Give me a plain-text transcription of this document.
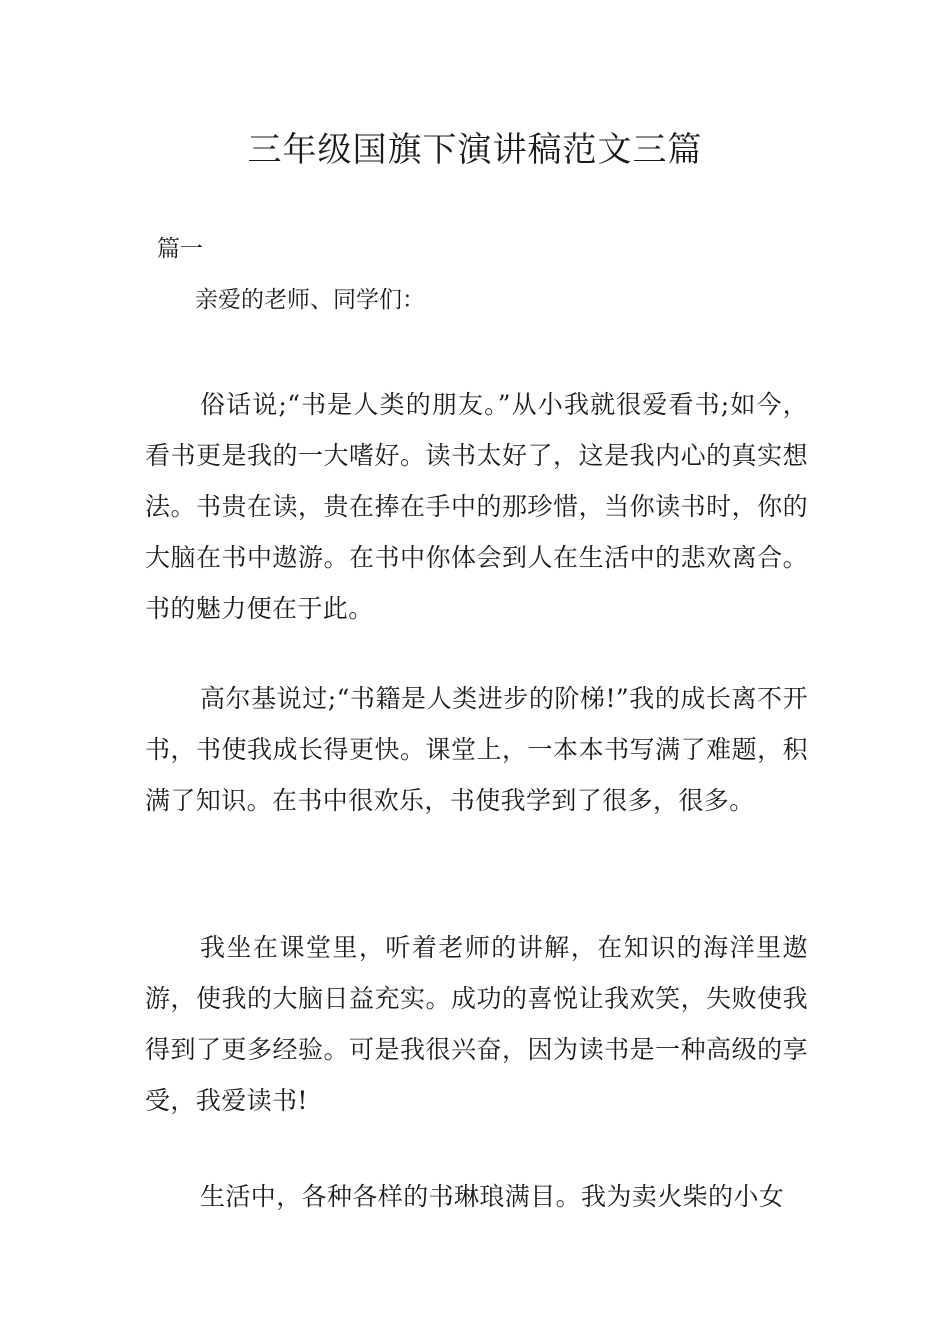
三年级国旗下演讲稿范文三篇

篇一

亲爱的老师、同学们：

俗话说;“书是人类的朋友。”从小我就很爱看书;如今，看书更是我的一大嗜好。读书太好了，这是我内心的真实想法。书贵在读，贵在捧在手中的那珍惜，当你读书时，你的大脑在书中遨游。在书中你体会到人在生活中的悲欢离合。书的魅力便在于此。

高尔基说过;“书籍是人类进步的阶梯!”我的成长离不开书，书使我成长得更快。课堂上，一本本书写满了难题，积满了知识。在书中很欢乐，书使我学到了很多，很多。

我坐在课堂里，听着老师的讲解，在知识的海洋里遨游，使我的大脑日益充实。成功的喜悦让我欢笑，失败使我得到了更多经验。可是我很兴奋，因为读书是一种高级的享受，我爱读书!

生活中，各种各样的书琳琅满目。我为卖火柴的小女
